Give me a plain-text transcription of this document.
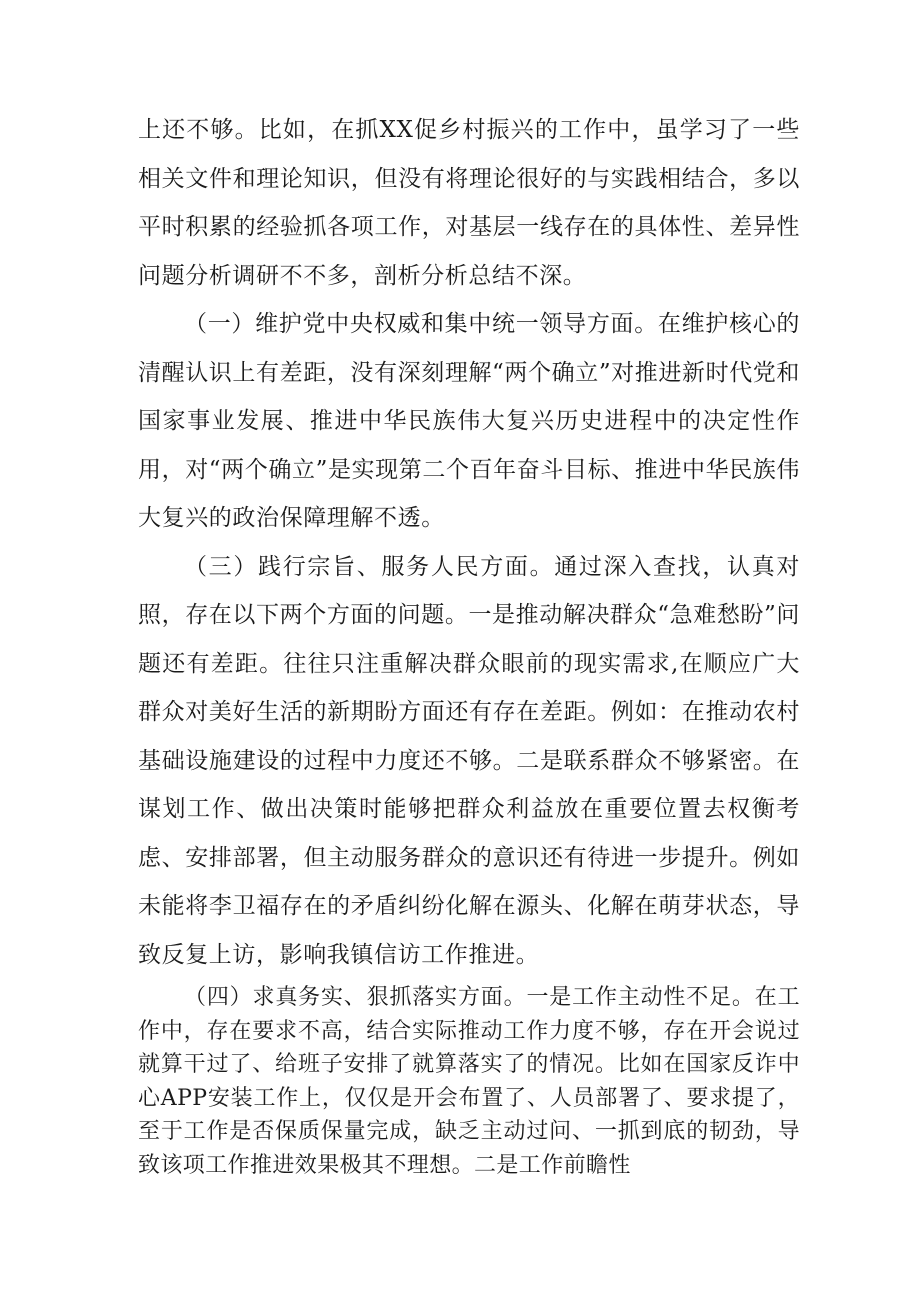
上还不够。比如，在抓XX促乡村振兴的工作中，虽学习了一些相关文件和理论知识，但没有将理论很好的与实践相结合，多以平时积累的经验抓各项工作，对基层一线存在的具体性、差异性问题分析调研不不多，剖析分析总结不深。

（一）维护党中央权威和集中统一领导方面。在维护核心的清醒认识上有差距，没有深刻理解“两个确立”对推进新时代党和国家事业发展、推进中华民族伟大复兴历史进程中的决定性作用，对“两个确立”是实现第二个百年奋斗目标、推进中华民族伟大复兴的政治保障理解不透。

（三）践行宗旨、服务人民方面。通过深入查找，认真对照，存在以下两个方面的问题。一是推动解决群众“急难愁盼”问题还有差距。往往只注重解决群众眼前的现实需求,在顺应广大群众对美好生活的新期盼方面还有存在差距。例如：在推动农村基础设施建设的过程中力度还不够。二是联系群众不够紧密。在谋划工作、做出决策时能够把群众利益放在重要位置去权衡考虑、安排部署，但主动服务群众的意识还有待进一步提升。例如未能将李卫福存在的矛盾纠纷化解在源头、化解在萌芽状态，导致反复上访，影响我镇信访工作推进。

（四）求真务实、狠抓落实方面。一是工作主动性不足。在工作中，存在要求不高，结合实际推动工作力度不够，存在开会说过就算干过了、给班子安排了就算落实了的情况。比如在国家反诈中心APP安装工作上，仅仅是开会布置了、人员部署了、要求提了，至于工作是否保质保量完成，缺乏主动过问、一抓到底的韧劲，导致该项工作推进效果极其不理想。二是工作前瞻性
